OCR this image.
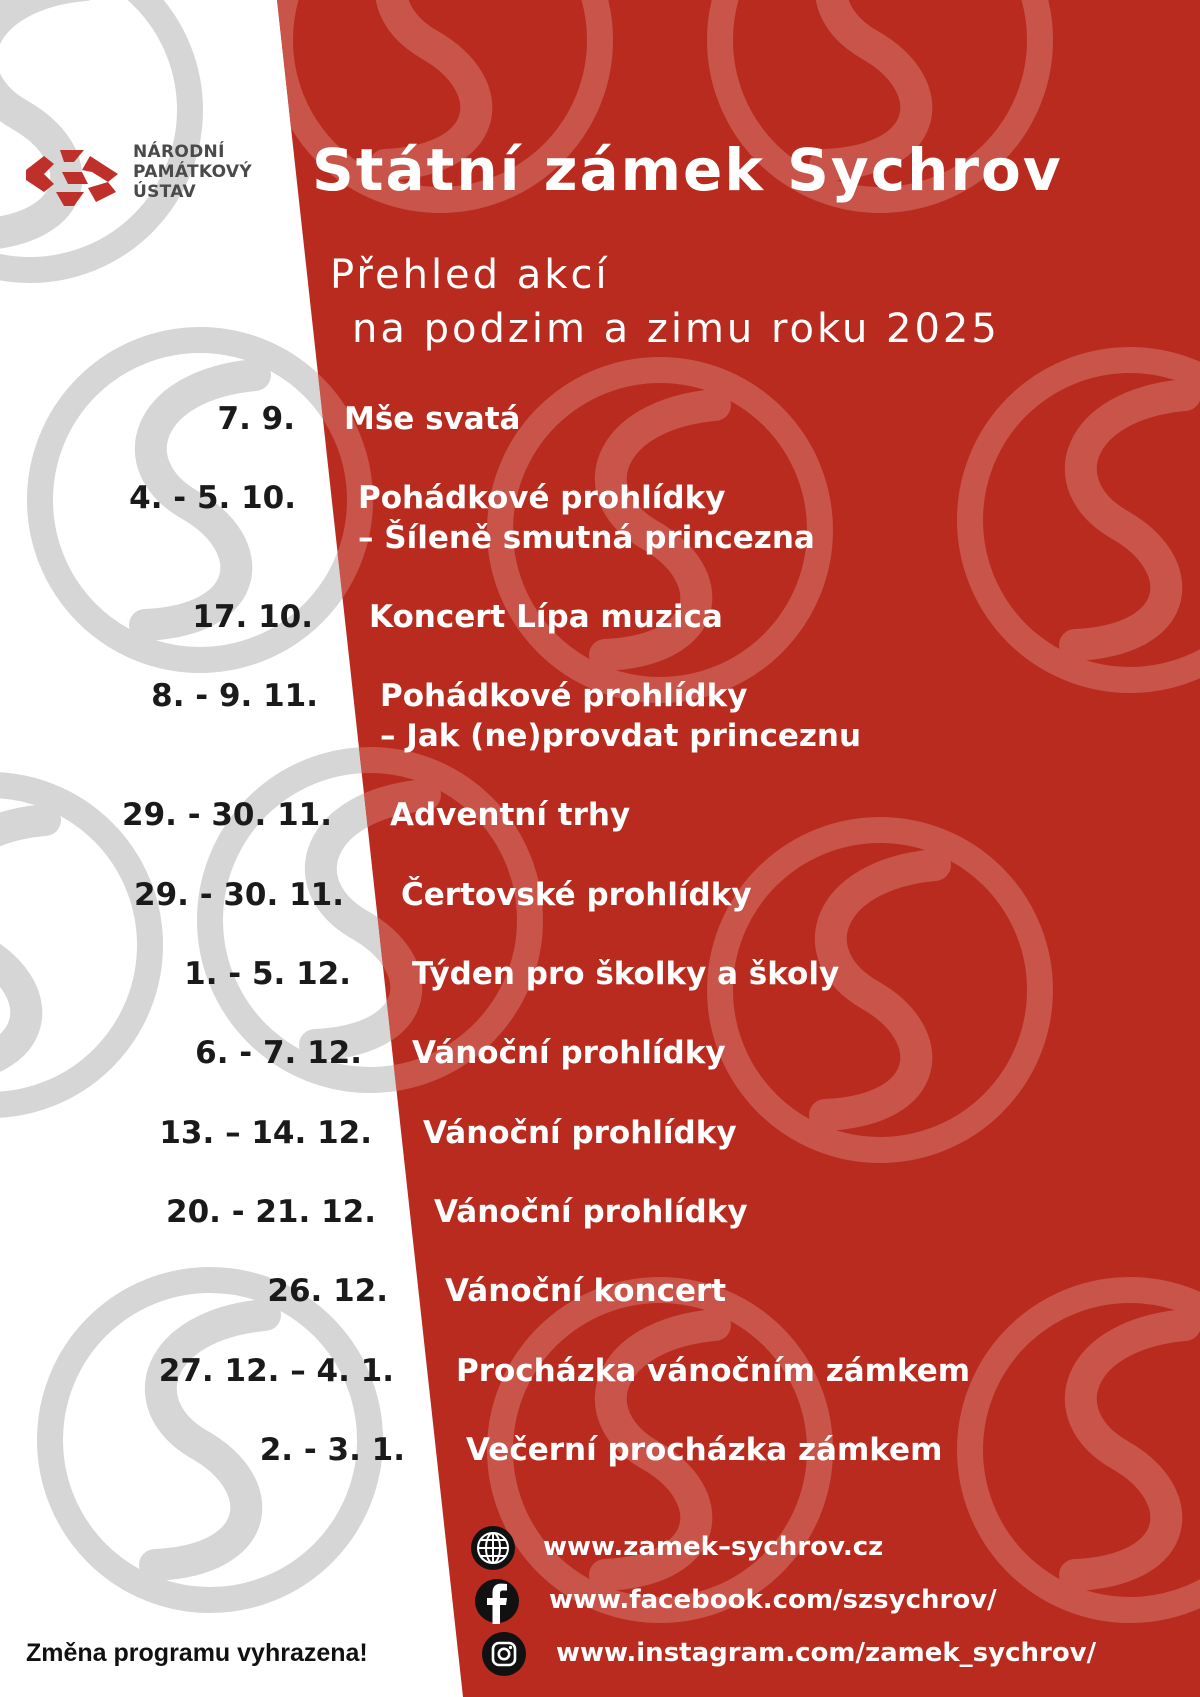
NÁRODNÍ
PAMÁTKOVÝ
ÚSTAV	Státní zámek Sychrov
Přehled akcí
na podzim a zimu roku 2025
7. 9. Mše svatá
4. - 5. 10. Pohádkové prohlídky
– Šíleně smutná princezna
17. 10. Koncert Lípa muzica
8. - 9. 11. Pohádkové prohlídky
– Jak (ne)provdat princeznu
29. - 30. 11. Adventní trhy
29. - 30. 11. Čertovské prohlídky
1. - 5. 12. Týden pro školky a školy
6. - 7. 12. Vánoční prohlídky
13. – 14. 12. Vánoční prohlídky
20. - 21. 12. Vánoční prohlídky
26. 12. Vánoční koncert
27. 12. – 4. 1. Procházka vánočním zámkem
2. - 3. 1. Večerní procházka zámkem
www.zamek–sychrov.cz
www.facebook.com/szsychrov/
www.instagram.com/zamek_sychrov/
Změna programu vyhrazena!
